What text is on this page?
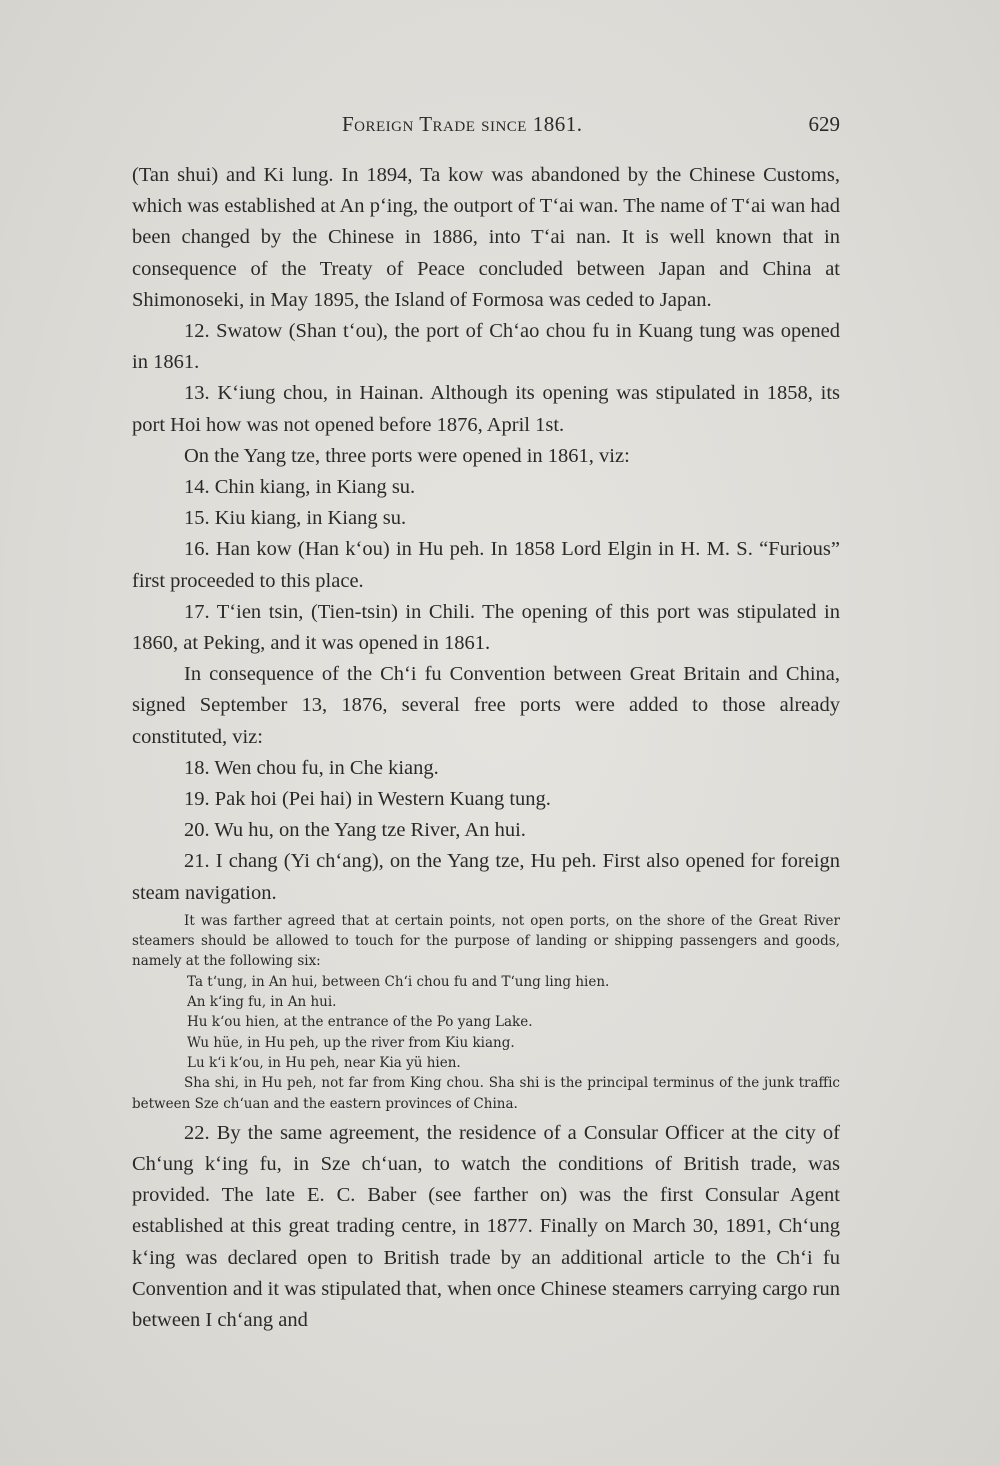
Foreign Trade since 1861.	629

(Tan shui) and Ki lung. In 1894, Ta kow was abandoned by the Chinese Customs, which was established at An pʻing, the outport of Tʻai wan. The name of Tʻai wan had been changed by the Chinese in 1886, into Tʻai nan. It is well known that in consequence of the Treaty of Peace concluded between Japan and China at Shimonoseki, in May 1895, the Island of Formosa was ceded to Japan.

12. Swatow (Shan tʻou), the port of Chʻao chou fu in Kuang tung was opened in 1861.

13. Kʻiung chou, in Hainan. Although its opening was stipulated in 1858, its port Hoi how was not opened before 1876, April 1st.

On the Yang tze, three ports were opened in 1861, viz:

14. Chin kiang, in Kiang su.

15. Kiu kiang, in Kiang su.

16. Han kow (Han kʻou) in Hu peh. In 1858 Lord Elgin in H. M. S. “Furious” first proceeded to this place.

17. Tʻien tsin, (Tien-tsin) in Chili. The opening of this port was stipulated in 1860, at Peking, and it was opened in 1861.

In consequence of the Chʻi fu Convention between Great Britain and China, signed September 13, 1876, several free ports were added to those already constituted, viz:

18. Wen chou fu, in Che kiang.

19. Pak hoi (Pei hai) in Western Kuang tung.

20. Wu hu, on the Yang tze River, An hui.

21. I chang (Yi chʻang), on the Yang tze, Hu peh. First also opened for foreign steam navigation.

It was farther agreed that at certain points, not open ports, on the shore of the Great River steamers should be allowed to touch for the purpose of landing or shipping passengers and goods, namely at the following six:

Ta tʻung, in An hui, between Chʻi chou fu and Tʻung ling hien.

An kʻing fu, in An hui.

Hu kʻou hien, at the entrance of the Po yang Lake.

Wu hüe, in Hu peh, up the river from Kiu kiang.

Lu kʻi kʻou, in Hu peh, near Kia yü hien.

Sha shi, in Hu peh, not far from King chou. Sha shi is the principal terminus of the junk traffic between Sze chʻuan and the eastern provinces of China.

22. By the same agreement, the residence of a Consular Officer at the city of Chʻung kʻing fu, in Sze chʻuan, to watch the conditions of British trade, was provided. The late E. C. Baber (see farther on) was the first Consular Agent established at this great trading centre, in 1877. Finally on March 30, 1891, Chʻung kʻing was declared open to British trade by an additional article to the Chʻi fu Convention and it was stipulated that, when once Chinese steamers carrying cargo run between I chʻang and
